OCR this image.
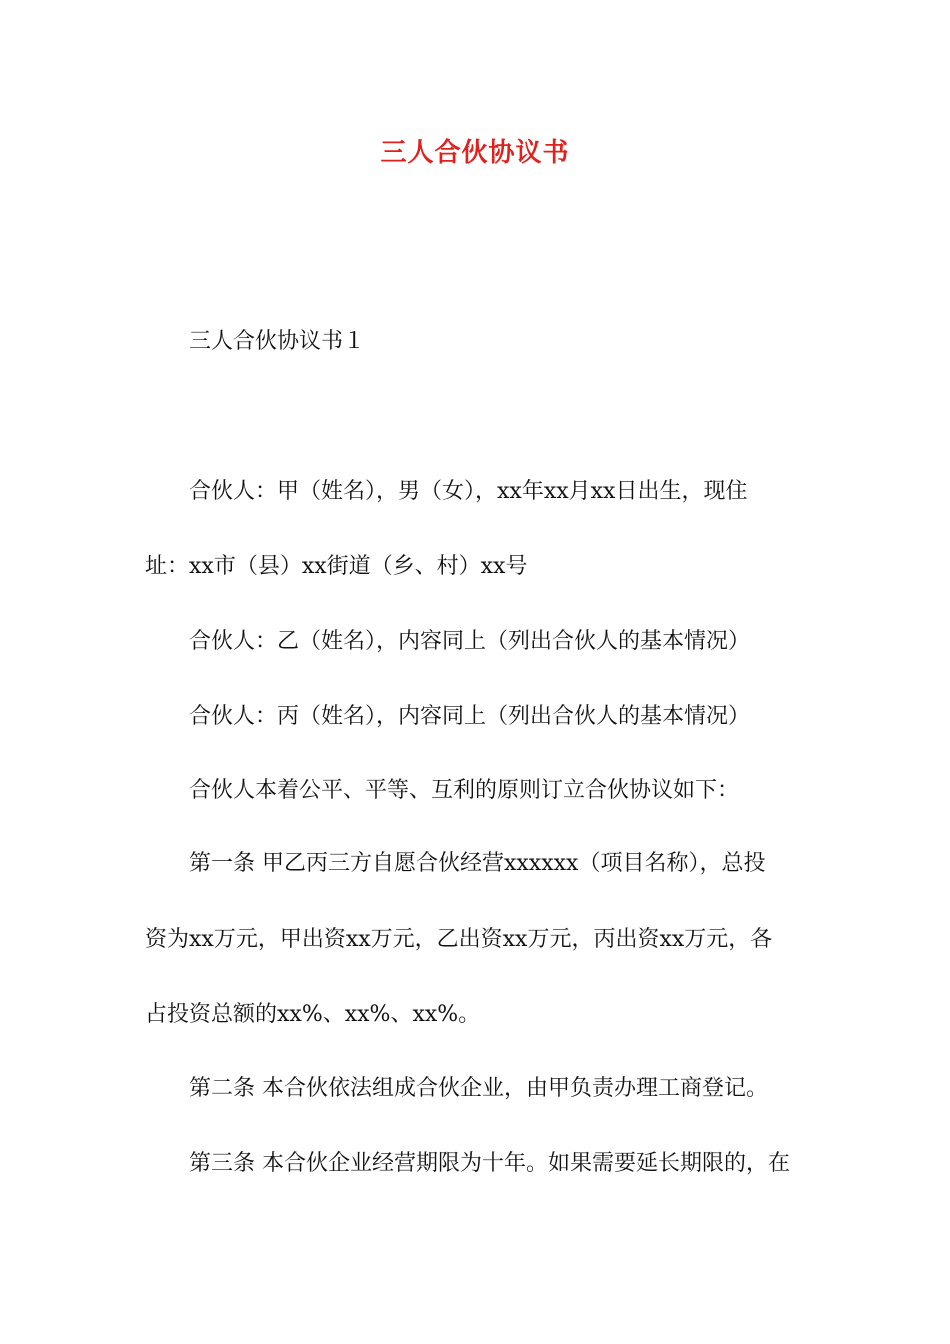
三人合伙协议书

三人合伙协议书１

合伙人：甲（姓名），男（女），xx年xx月xx日出生，现住

址：xx市（县）xx街道（乡、村）xx号

合伙人：乙（姓名），内容同上（列出合伙人的基本情况）

合伙人：丙（姓名），内容同上（列出合伙人的基本情况）

合伙人本着公平、平等、互利的原则订立合伙协议如下：

第一条 甲乙丙三方自愿合伙经营xxxxxx（项目名称），总投

资为xx万元，甲出资xx万元，乙出资xx万元，丙出资xx万元，各

占投资总额的xx%、xx%、xx%。

第二条 本合伙依法组成合伙企业，由甲负责办理工商登记。

第三条 本合伙企业经营期限为十年。如果需要延长期限的，在
